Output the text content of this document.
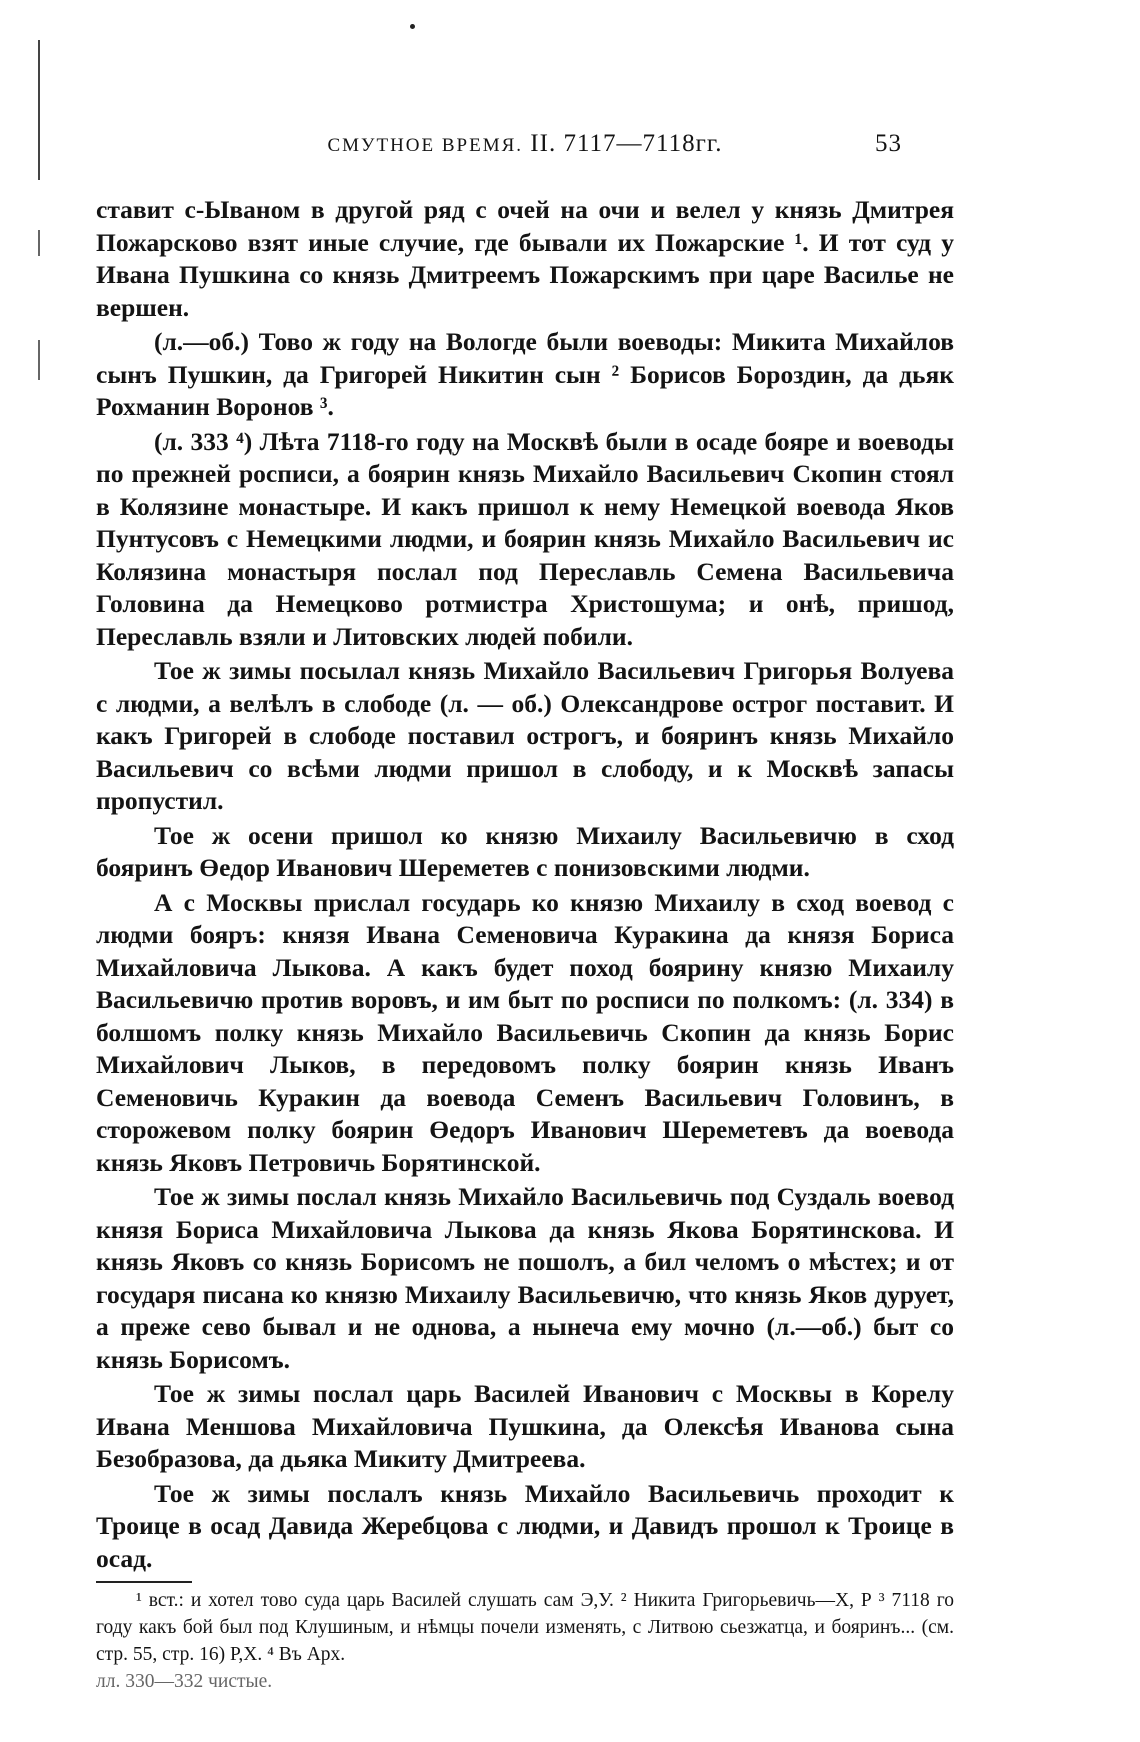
СМУТНОЕ ВРЕМЯ. II. 7117—7118гг.	53

ставит с-Ываном в другой ряд с очей на очи и велел у князь Дмитрея Пожарсково взят иные случие, где бывали их Пожарские ¹. И тот суд у Ивана Пушкина со князь Дмитреемъ Пожарскимъ при царе Василье не вершен.

(л.—об.) Тово ж году на Вологде были воеводы: Микита Михайлов сынъ Пушкин, да Григорей Никитин сын ² Борисов Бороздин, да дьяк Рохманин Воронов ³.

(л. 333 ⁴) Лѣта 7118-го году на Москвѣ были в осаде бояре и воеводы по прежней росписи, а боярин князь Михайло Васильевич Скопин стоял в Колязине монастыре. И какъ пришол к нему Немецкой воевода Яков Пунтусовъ с Немецкими людми, и боярин князь Михайло Васильевич ис Колязина монастыря послал под Переславль Семена Васильевича Головина да Немецково ротмистра Христошума; и онѣ, пришод, Переславль взяли и Литовских людей побили.

Тое ж зимы посылал князь Михайло Васильевич Григорья Волуева с людми, а велѣлъ в слободе (л. — об.) Олександрове острог поставит. И какъ Григорей в слободе поставил острогъ, и бояринъ князь Михайло Васильевич со всѣми людми пришол в слободу, и к Москвѣ запасы пропустил.

Тое ж осени пришол ко князю Михаилу Васильевичю в сход бояринъ Өедор Иванович Шереметев с понизовскими людми.

А с Москвы прислал государь ко князю Михаилу в сход воевод с людми бояръ: князя Ивана Семеновича Куракина да князя Бориса Михайловича Лыкова. А какъ будет поход боярину князю Михаилу Васильевичю против воровъ, и им быт по росписи по полкомъ: (л. 334) в болшомъ полку князь Михайло Васильевичь Скопин да князь Борис Михайлович Лыков, в передовомъ полку боярин князь Иванъ Семеновичь Куракин да воевода Семенъ Васильевич Головинъ, в сторожевом полку боярин Өедоръ Иванович Шереметевъ да воевода князь Яковъ Петровичь Борятинской.

Тое ж зимы послал князь Михайло Васильевичь под Суздаль воевод князя Бориса Михайловича Лыкова да князь Якова Борятинскова. И князь Яковъ со князь Борисомъ не пошолъ, а бил челомъ о мѣстех; и от государя писана ко князю Михаилу Васильевичю, что князь Яков дурует, а преже сево бывал и не однова, а нынеча ему мочно (л.—об.) быт со князь Борисомъ.

Тое ж зимы послал царь Василей Иванович с Москвы в Корелу Ивана Меншова Михайловича Пушкина, да Олексѣя Иванова сына Безобразова, да дьяка Микиту Дмитреева.

Тое ж зимы послалъ князь Михайло Васильевичь проходит к Троице в осад Давида Жеребцова с людми, и Давидъ прошол к Троице в осад.

¹ вст.: и хотел тово суда царь Василей слушать сам Э,У. ² Никита Григорьевичь—Х, Р ³ 7118 го году какъ бой был под Клушиным, и нѣмцы почели изменять, с Литвою сьезжатца, и бояринъ... (см. стр. 55, стр. 16) Р,Х. ⁴ Въ Арх.

лл. 330—332 чистые.
